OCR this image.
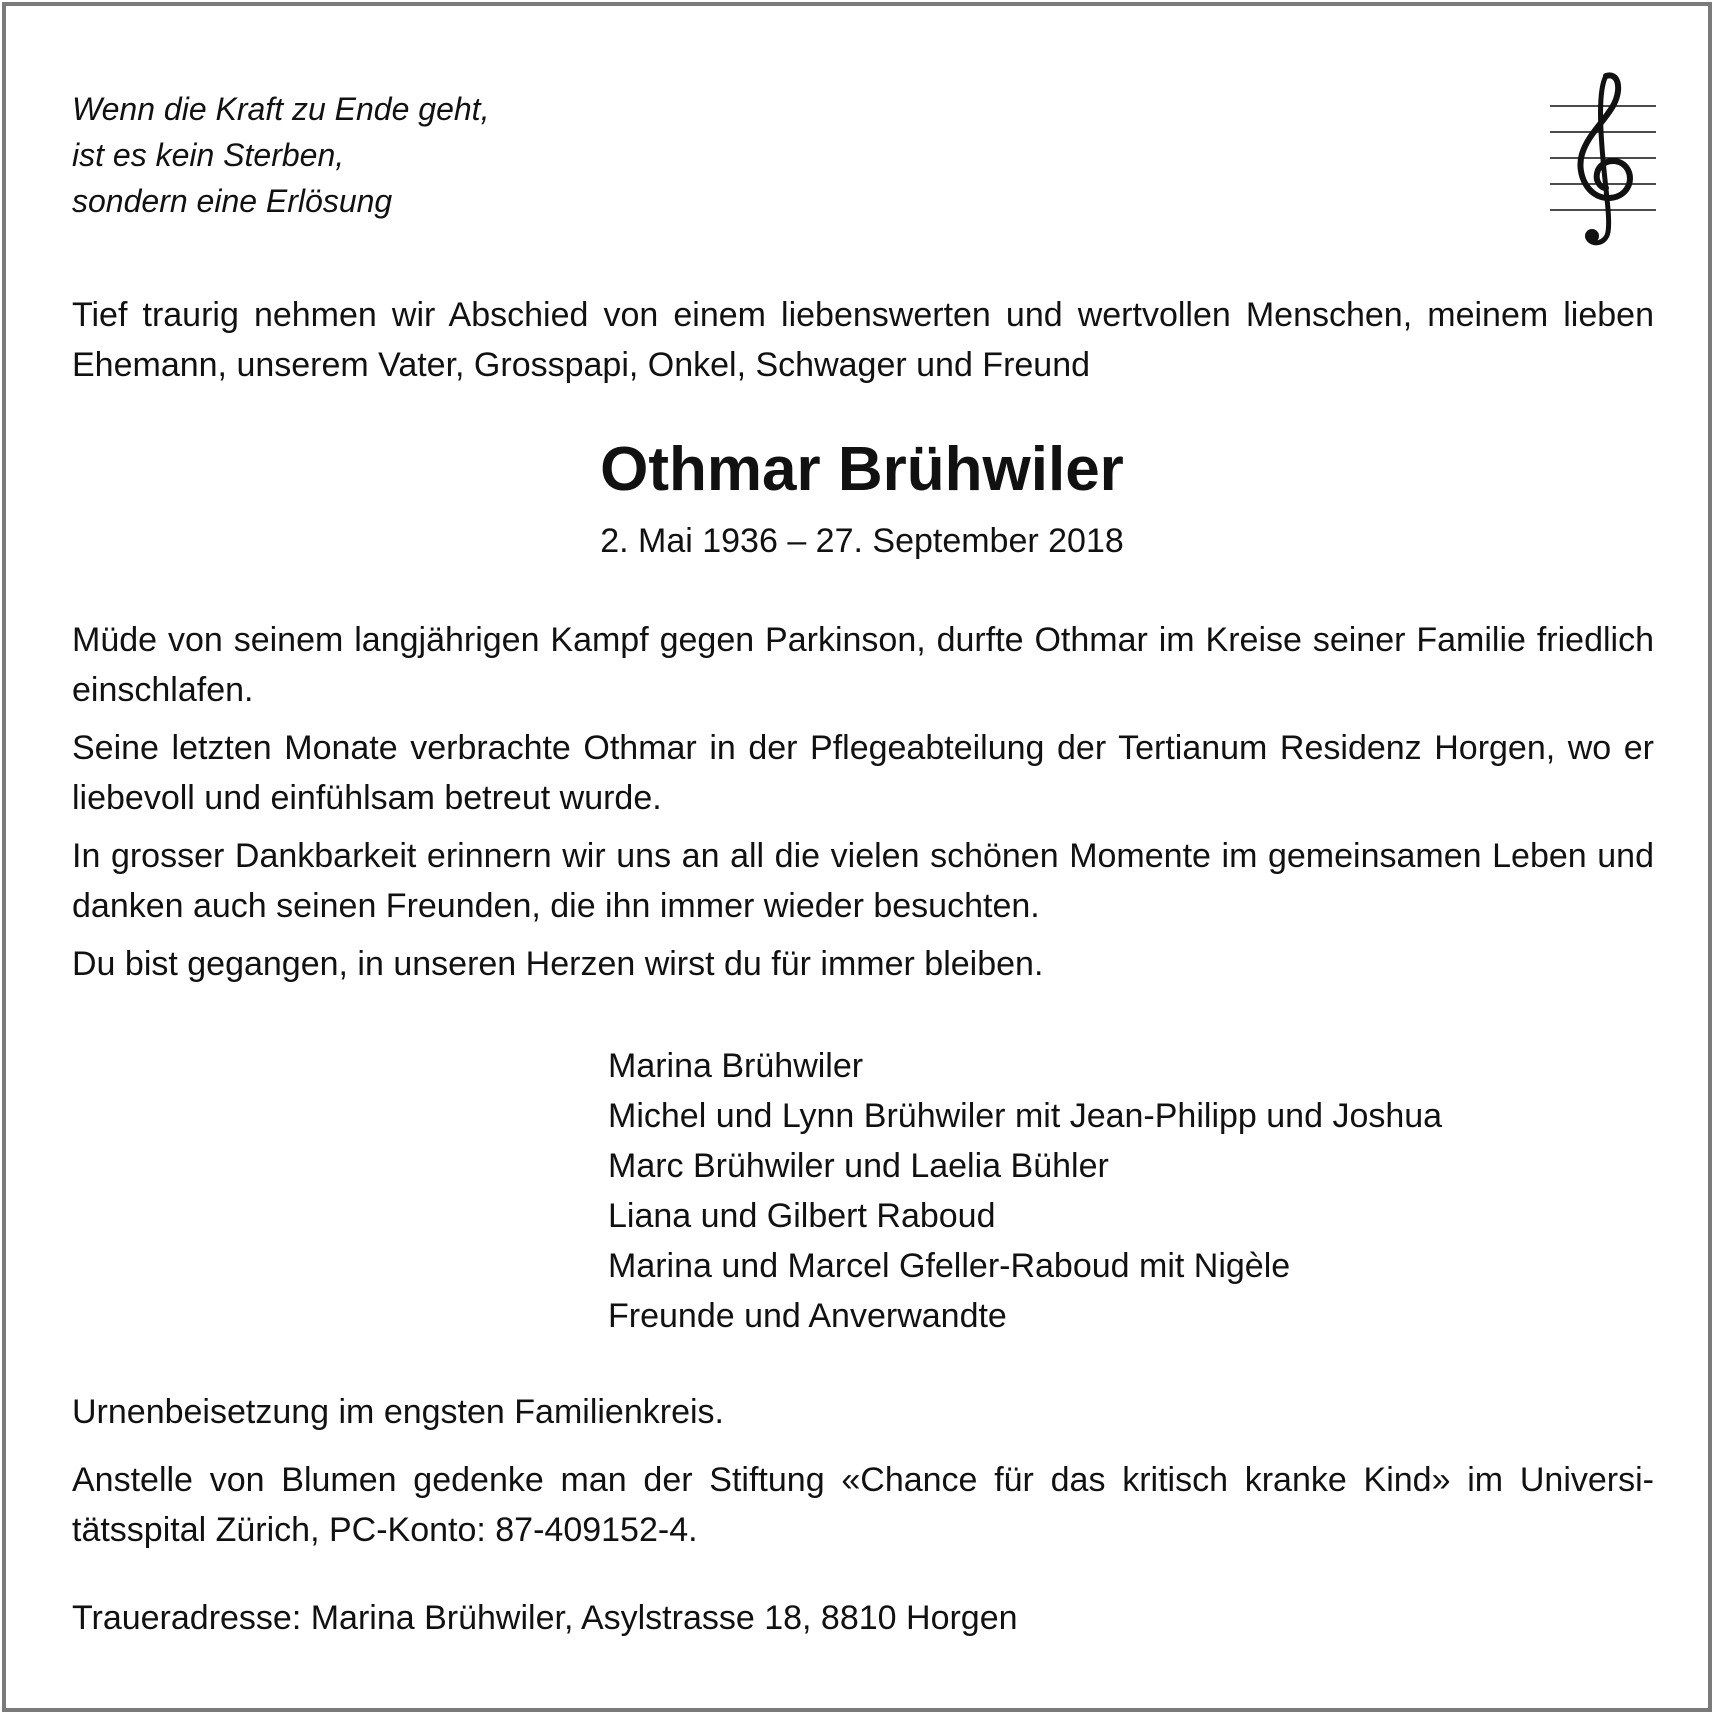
Wenn die Kraft zu Ende geht,
ist es kein Sterben,
sondern eine Erlösung
Tief traurig nehmen wir Abschied von einem liebenswerten und wertvollen Menschen, meinem lieben Ehemann, unserem Vater, Grosspapi, Onkel, Schwager und Freund
Othmar Brühwiler
2. Mai 1936 – 27. September 2018

Müde von seinem langjährigen Kampf gegen Parkinson, durfte Othmar im Kreise seiner Familie friedlich einschlafen.

Seine letzten Monate verbrachte Othmar in der Pflegeabteilung der Tertianum Residenz Horgen, wo er liebevoll und einfühlsam betreut wurde.

In grosser Dankbarkeit erinnern wir uns an all die vielen schönen Momente im gemeinsamen Leben und danken auch seinen Freunden, die ihn immer wieder besuchten.

Du bist gegangen, in unseren Herzen wirst du für immer bleiben.

Marina Brühwiler
Michel und Lynn Brühwiler mit Jean-Philipp und Joshua
Marc Brühwiler und Laelia Bühler
Liana und Gilbert Raboud
Marina und Marcel Gfeller-Raboud mit Nigèle
Freunde und Anverwandte

Urnenbeisetzung im engsten Familienkreis.

Anstelle von Blumen gedenke man der Stiftung «Chance für das kritisch kranke Kind» im Universi-tätsspital Zürich, PC-Konto: 87-409152-4.

Traueradresse: Marina Brühwiler, Asylstrasse 18, 8810 Horgen
